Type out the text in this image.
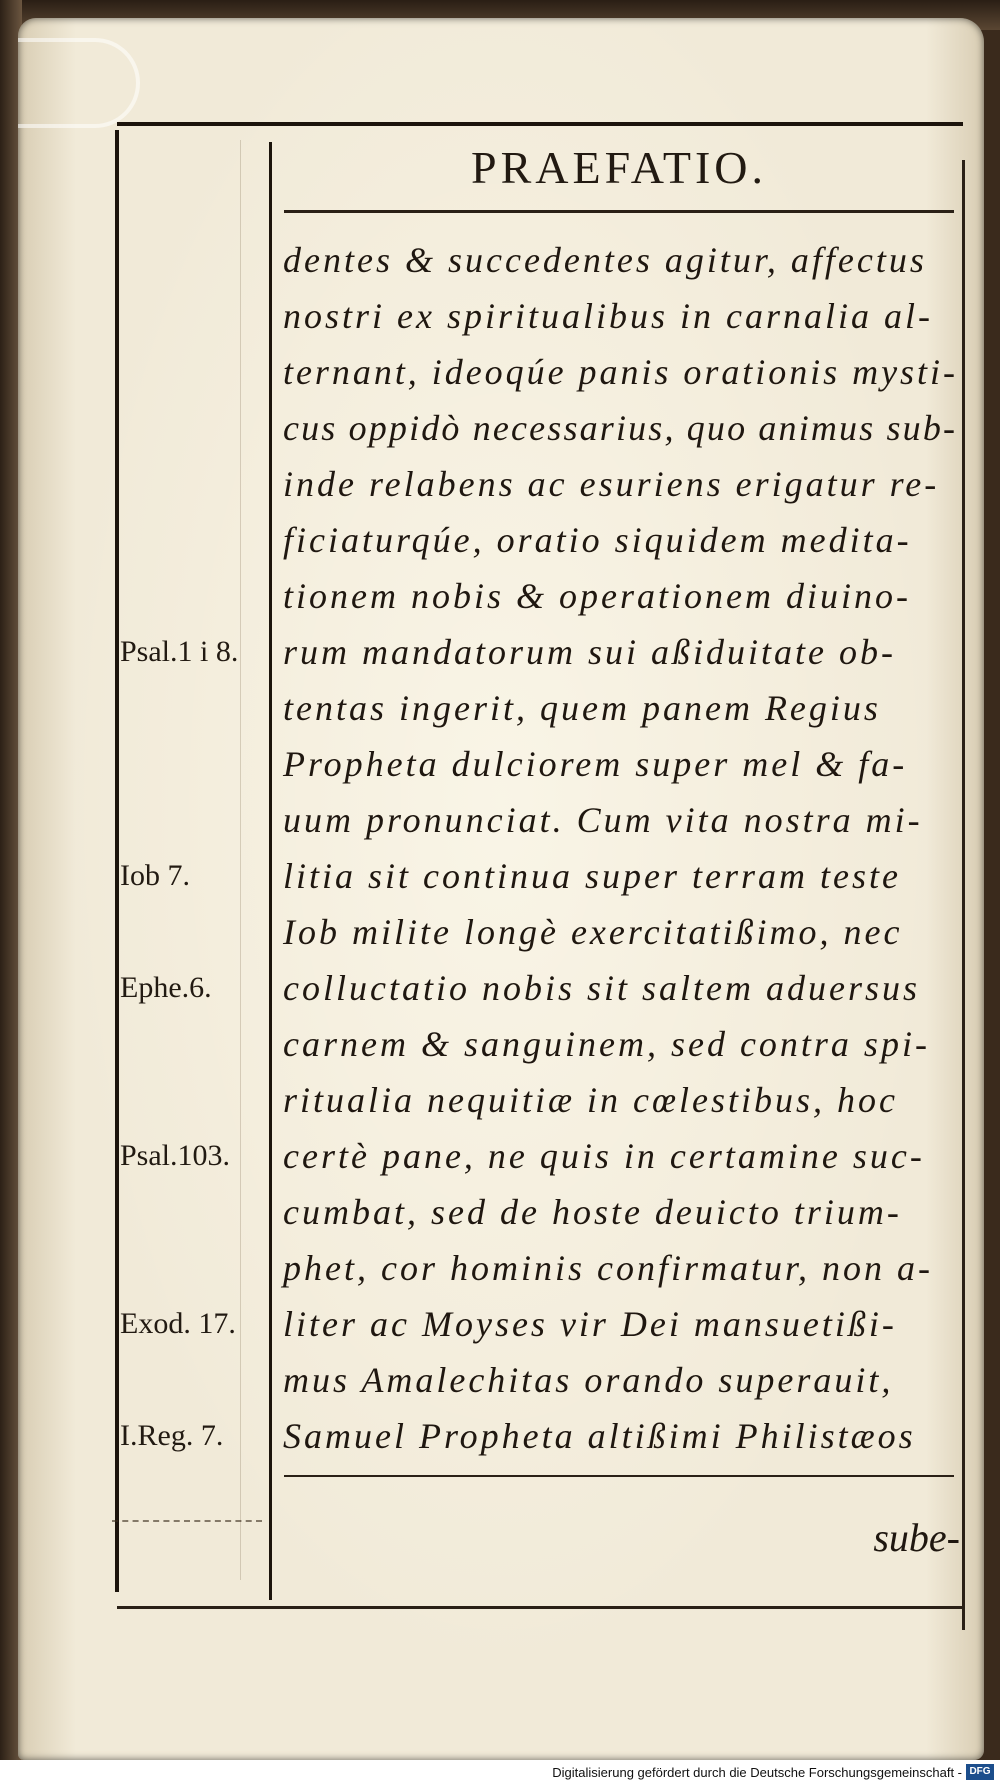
PRAEFATIO.
dentes & succedentes agitur, affectus
nostri ex spiritualibus in carnalia al-
ternant, ideoqúe panis orationis mysti-
cus oppidò necessarius, quo animus sub-
inde relabens ac esuriens erigatur re-
ficiaturqúe, oratio siquidem medita-
tionem nobis & operationem diuino-
rum mandatorum sui aßiduitate ob-
tentas ingerit, quem panem Regius
Propheta dulciorem super mel & fa-
uum pronunciat. Cum vita nostra mi-
litia sit continua super terram teste
Iob milite longè exercitatißimo, nec
colluctatio nobis sit saltem aduersus
carnem & sanguinem, sed contra spi-
ritualia nequitiæ in cœlestibus, hoc
certè pane, ne quis in certamine suc-
cumbat, sed de hoste deuicto trium-
phet, cor hominis confirmatur, non a-
liter ac Moyses vir Dei mansuetißi-
mus Amalechitas orando superauit,
Samuel Propheta altißimi Philistæos
Psal.1 i 8.
Iob 7.
Ephe.6.
Psal.103.
Exod. 17.
I.Reg. 7.
sube-
Digitalisierung gefördert durch die Deutsche Forschungsgemeinschaft - DFG
